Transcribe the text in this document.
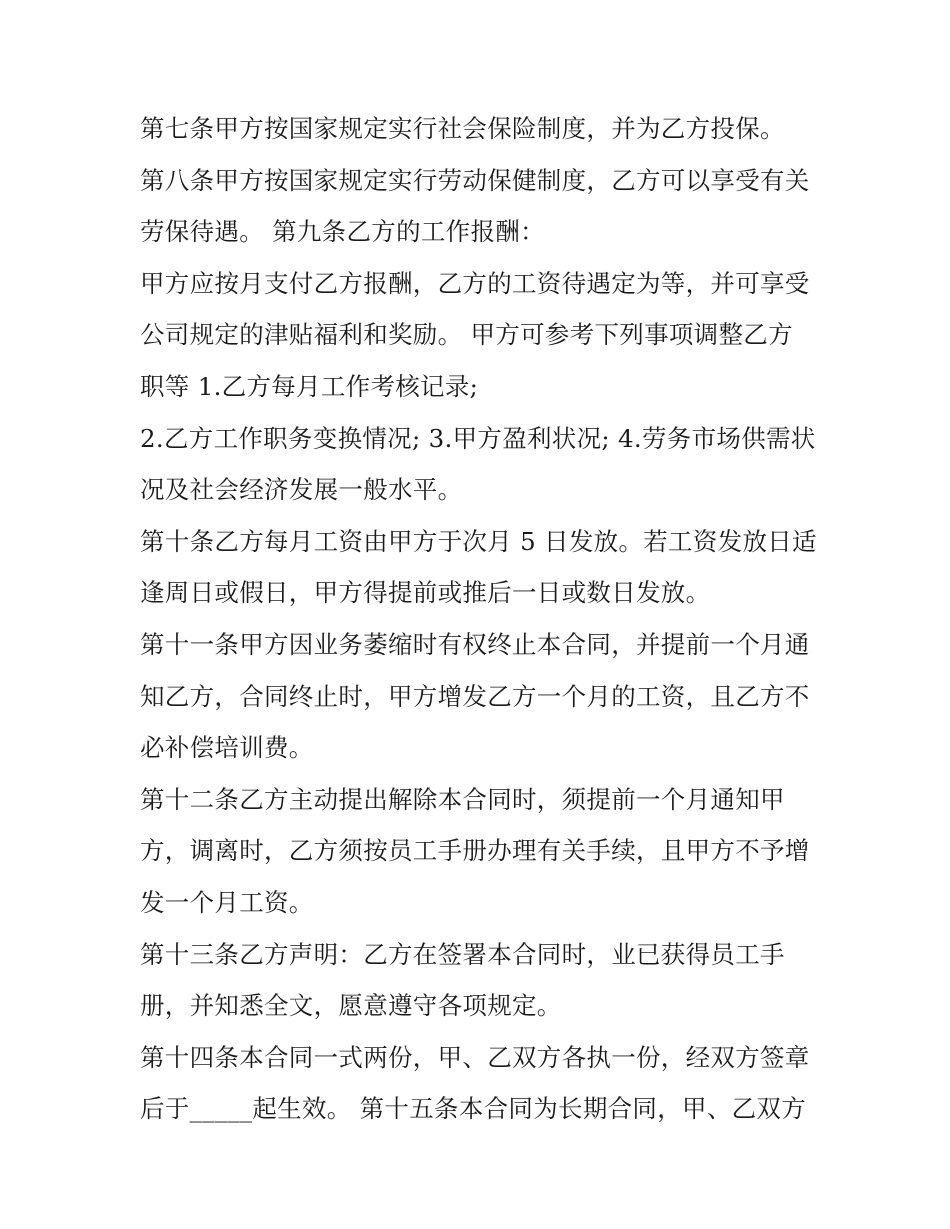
第七条甲方按国家规定实行社会保险制度，并为乙方投保。
第八条甲方按国家规定实行劳动保健制度，乙方可以享受有关
劳保待遇。 第九条乙方的工作报酬：
甲方应按月支付乙方报酬，乙方的工资待遇定为等，并可享受
公司规定的津贴福利和奖励。 甲方可参考下列事项调整乙方
职等 1.乙方每月工作考核记录;
2.乙方工作职务变换情况; 3.甲方盈利状况; 4.劳务市场供需状
况及社会经济发展一般水平。
第十条乙方每月工资由甲方于次月 5 日发放。若工资发放日适
逢周日或假日，甲方得提前或推后一日或数日发放。
第十一条甲方因业务萎缩时有权终止本合同，并提前一个月通
知乙方，合同终止时，甲方增发乙方一个月的工资，且乙方不
必补偿培训费。
第十二条乙方主动提出解除本合同时，须提前一个月通知甲
方，调离时，乙方须按员工手册办理有关手续，且甲方不予增
发一个月工资。
第十三条乙方声明：乙方在签署本合同时，业已获得员工手
册，并知悉全文，愿意遵守各项规定。
第十四条本合同一式两份，甲、乙双方各执一份，经双方签章
后于_____起生效。 第十五条本合同为长期合同，甲、乙双方
